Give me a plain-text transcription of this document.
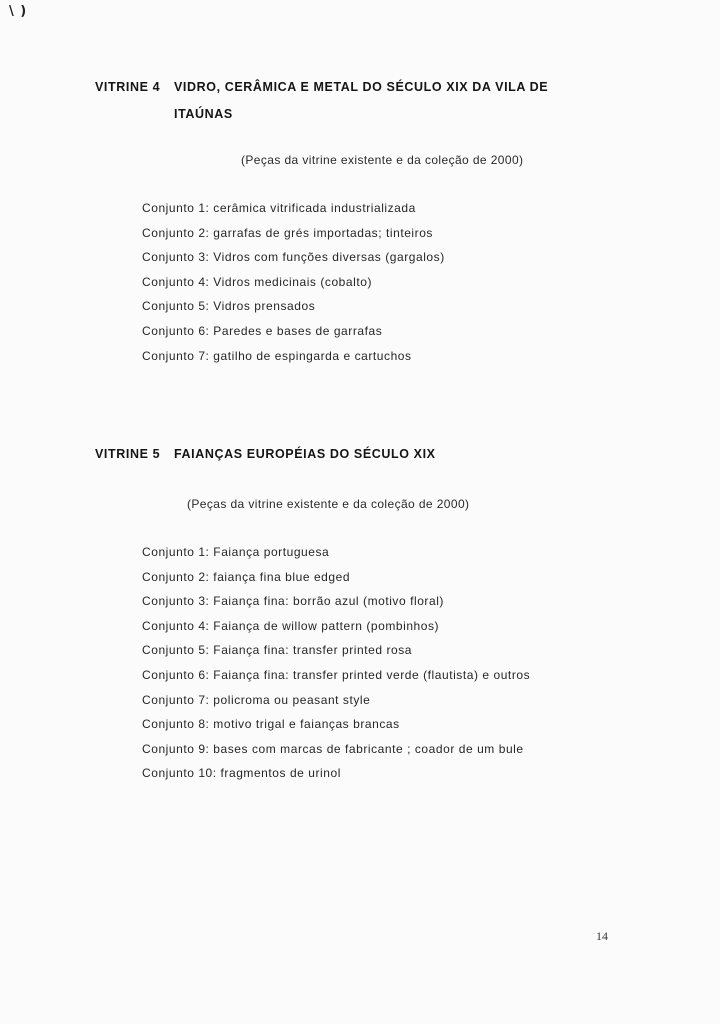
\ )
VITRINE 4 VIDRO, CERÂMICA E METAL DO SÉCULO XIX DA VILA DE
ITAÚNAS
(Peças da vitrine existente e da coleção de 2000)
Conjunto 1: cerâmica vitrificada industrializada
Conjunto 2: garrafas de grés importadas; tinteiros
Conjunto 3: Vidros com funções diversas (gargalos)
Conjunto 4: Vidros medicinais (cobalto)
Conjunto 5: Vidros prensados
Conjunto 6: Paredes e bases de garrafas
Conjunto 7: gatilho de espingarda e cartuchos
VITRINE 5 FAIANÇAS EUROPÉIAS DO SÉCULO XIX
(Peças da vitrine existente e da coleção de 2000)
Conjunto 1: Faiança portuguesa
Conjunto 2: faiança fina blue edged
Conjunto 3: Faiança fina: borrão azul (motivo floral)
Conjunto 4: Faiança de willow pattern (pombinhos)
Conjunto 5: Faiança fina: transfer printed rosa
Conjunto 6: Faiança fina: transfer printed verde (flautista) e outros
Conjunto 7: policroma ou peasant style
Conjunto 8: motivo trigal e faianças brancas
Conjunto 9: bases com marcas de fabricante ; coador de um bule
Conjunto 10: fragmentos de urinol
14
